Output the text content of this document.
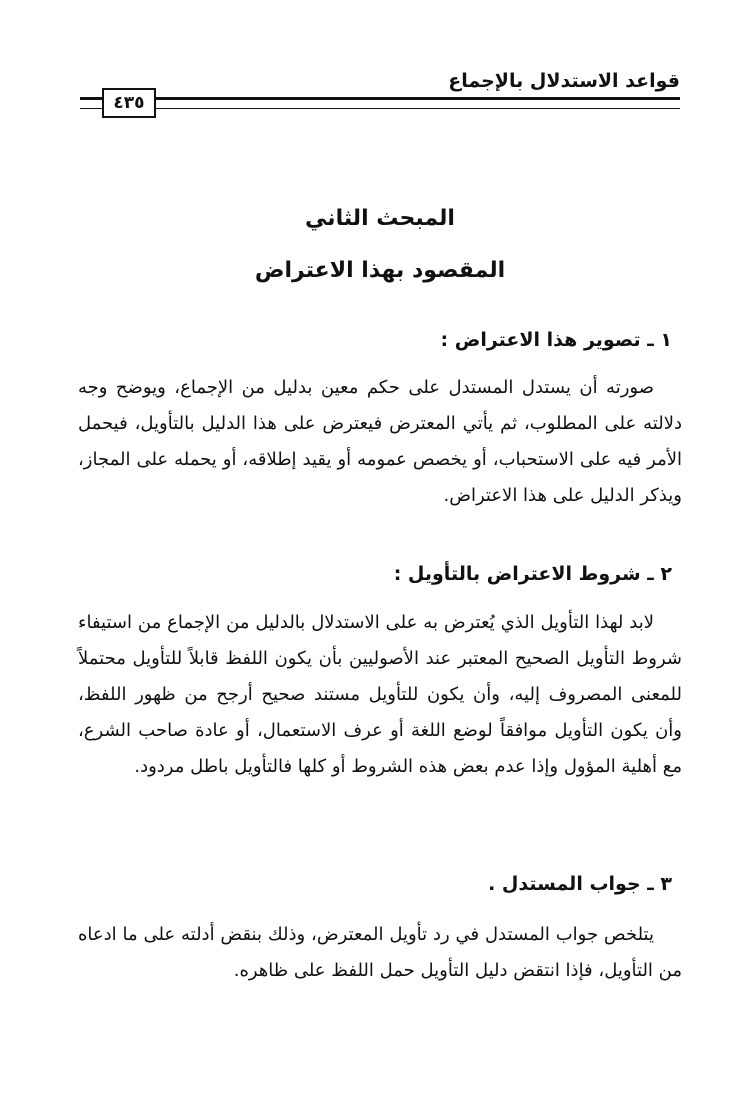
قواعد الاستدلال بالإجماع
٤٣٥
المبحث الثاني
المقصود بهذا الاعتراض
١ ـ تصوير هذا الاعتراض :
صورته أن يستدل المستدل على حكم معين بدليل من الإجماع، ويوضح وجه دلالته على المطلوب، ثم يأتي المعترض فيعترض على هذا الدليل بالتأويل، فيحمل الأمر فيه على الاستحباب، أو يخصص عمومه أو يقيد إطلاقه، أو يحمله على المجاز، ويذكر الدليل على هذا الاعتراض.
٢ ـ شروط الاعتراض بالتأويل :
لابد لهذا التأويل الذي يُعترض به على الاستدلال بالدليل من الإجماع من استيفاء شروط التأويل الصحيح المعتبر عند الأصوليين بأن يكون اللفظ قابلاً للتأويل محتملاً للمعنى المصروف إليه، وأن يكون للتأويل مستند صحيح أرجح من ظهور اللفظ، وأن يكون التأويل موافقاً لوضع اللغة أو عرف الاستعمال، أو عادة صاحب الشرع، مع أهلية المؤول وإذا عدم بعض هذه الشروط أو كلها فالتأويل باطل مردود.
٣ ـ جواب المستدل .
يتلخص جواب المستدل في رد تأويل المعترض، وذلك بنقض أدلته على ما ادعاه من التأويل، فإذا انتقض دليل التأويل حمل اللفظ على ظاهره.
